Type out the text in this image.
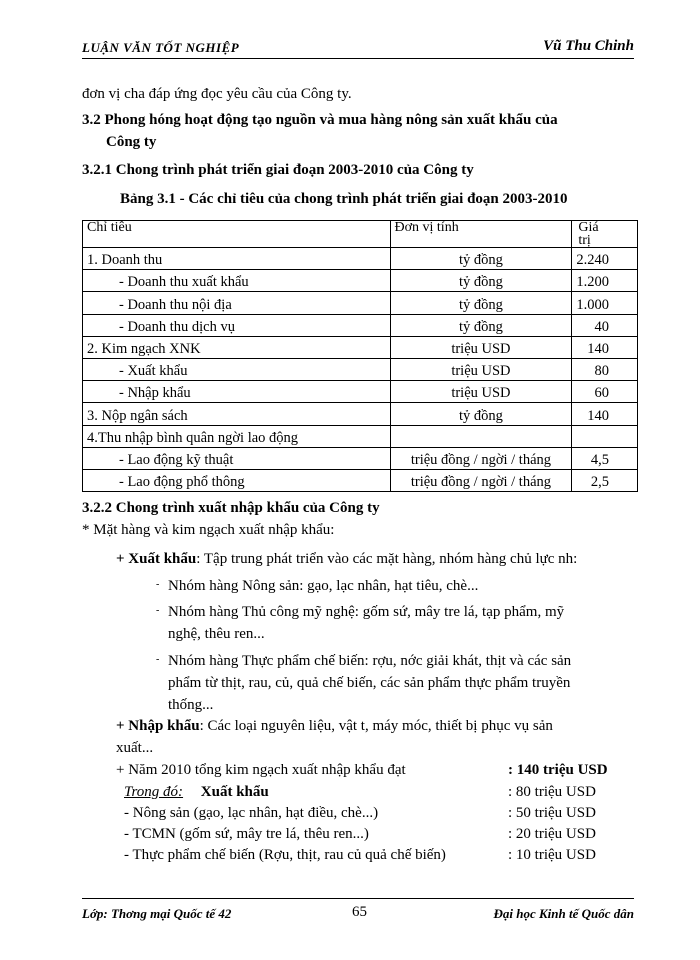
LUẬN VĂN TỐT NGHIỆP	Vũ Thu Chinh
đơn vị cha đáp ứng đọc yêu cầu của Công ty.
3.2 Phong hóng hoạt động tạo nguồn và mua hàng nông sản xuất khẩu của
Công ty
3.2.1 Chong trình phát triển giai đoạn 2003-2010 của Công ty
Bảng 3.1 - Các chỉ tiêu của chong trình phát triển giai đoạn 2003-2010
Chỉ tiêu	Đơn vị tính	Giá trị
1. Doanh thu	tỷ đồng	2.240
- Doanh thu xuất khẩu	tỷ đồng	1.200
- Doanh thu nội địa	tỷ đồng	1.000
- Doanh thu dịch vụ	tỷ đồng	40
2. Kim ngạch XNK	triệu USD	140
- Xuất khẩu	triệu USD	80
- Nhập khẩu	triệu USD	60
3. Nộp ngân sách	tỷ đồng	140
4.Thu nhập bình quân ngời lao động		
- Lao động kỹ thuật	triệu đồng / ngời / tháng	4,5
- Lao động phổ thông	triệu đồng / ngời / tháng	2,5
3.2.2 Chong trình xuất nhập khẩu của Công ty
* Mặt hàng và kim ngạch xuất nhập khẩu:
+ Xuất khẩu: Tập trung phát triển vào các mặt hàng, nhóm hàng chủ lực nh:
- Nhóm hàng Nông sản: gạo, lạc nhân, hạt tiêu, chè...
- Nhóm hàng Thủ công mỹ nghệ: gốm sứ, mây tre lá, tạp phẩm, mỹ
nghệ, thêu ren...
- Nhóm hàng Thực phẩm chế biến: rợu, nớc giải khát, thịt và các sản
phẩm từ thịt, rau, củ, quả chế biến, các sản phẩm thực phẩm truyền
thống...
+ Nhập khẩu: Các loại nguyên liệu, vật t, máy móc, thiết bị phục vụ sản
xuất...
+ Năm 2010 tổng kim ngạch xuất nhập khẩu đạt	: 140 triệu USD
Trong đó: Xuất khẩu	: 80 triệu USD
- Nông sản (gạo, lạc nhân, hạt điều, chè...)	: 50 triệu USD
- TCMN (gốm sứ, mây tre lá, thêu ren...)	: 20 triệu USD
- Thực phẩm chế biến (Rợu, thịt, rau củ quả chế biến)	: 10 triệu USD
Lớp: Thơng mại Quốc tế 42	65	Đại học Kinh tế Quốc dân
